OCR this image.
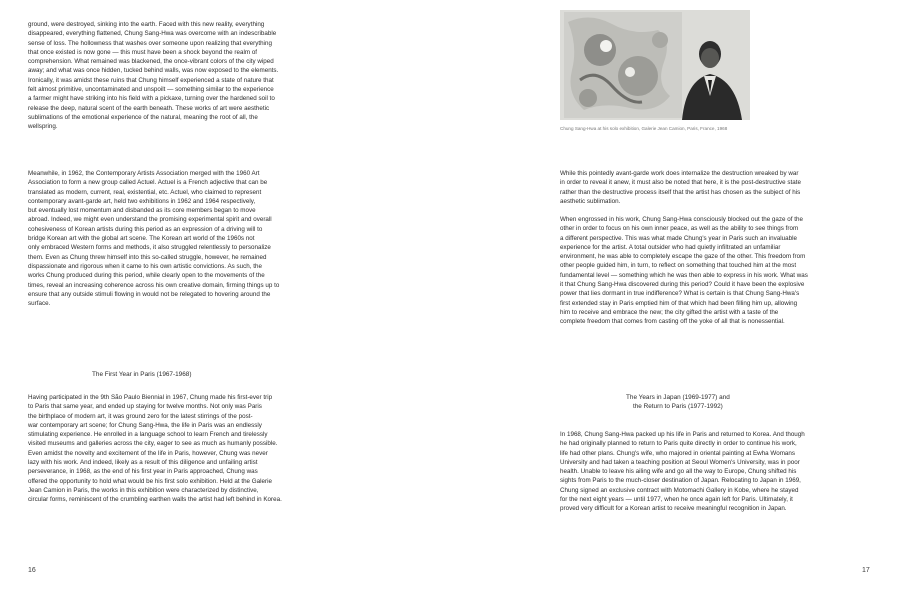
ground, were destroyed, sinking into the earth. Faced with this new reality, everything
disappeared, everything flattened, Chung Sang-Hwa was overcome with an indescribable
sense of loss. The hollowness that washes over someone upon realizing that everything
that once existed is now gone — this must have been a shock beyond the realm of
comprehension. What remained was blackened, the once-vibrant colors of the city wiped
away; and what was once hidden, tucked behind walls, was now exposed to the elements.
Ironically, it was amidst these ruins that Chung himself experienced a state of nature that
felt almost primitive, uncontaminated and unspoilt — something similar to the experience
a farmer might have striking into his field with a pickaxe, turning over the hardened soil to
release the deep, natural scent of the earth beneath. These works of art were aesthetic
sublimations of the emotional experience of the natural, meaning the root of all, the
wellspring.
Meanwhile, in 1962, the Contemporary Artists Association merged with the 1960 Art
Association to form a new group called Actuel. Actuel is a French adjective that can be
translated as modern, current, real, existential, etc. Actuel, who claimed to represent
contemporary avant-garde art, held two exhibitions in 1962 and 1964 respectively,
but eventually lost momentum and disbanded as its core members began to move
abroad. Indeed, we might even understand the promising experimental spirit and overall
cohesiveness of Korean artists during this period as an expression of a driving will to
bridge Korean art with the global art scene. The Korean art world of the 1960s not
only embraced Western forms and methods, it also struggled relentlessly to personalize
them. Even as Chung threw himself into this so-called struggle, however, he remained
dispassionate and rigorous when it came to his own artistic convictions. As such, the
works Chung produced during this period, while clearly open to the movements of the
times, reveal an increasing coherence across his own creative domain, firming things up to
ensure that any outside stimuli flowing in would not be relegated to hovering around the
surface.
The First Year in Paris (1967-1968)
Having participated in the 9th São Paulo Biennial in 1967, Chung made his first-ever trip
to Paris that same year, and ended up staying for twelve months. Not only was Paris
the birthplace of modern art, it was ground zero for the latest stirrings of the post-
war contemporary art scene; for Chung Sang-Hwa, the life in Paris was an endlessly
stimulating experience. He enrolled in a language school to learn French and tirelessly
visited museums and galleries across the city, eager to see as much as humanly possible.
Even amidst the novelty and excitement of the life in Paris, however, Chung was never
lazy with his work. And indeed, likely as a result of this diligence and unfailing artist
perseverance, in 1968, as the end of his first year in Paris approached, Chung was
offered the opportunity to hold what would be his first solo exhibition. Held at the Galerie
Jean Camion in Paris, the works in this exhibition were characterized by distinctive,
circular forms, reminiscent of the crumbling earthen walls the artist had left behind in Korea.
16
Chung Sang-Hwa at his solo exhibition, Galerie Jean Camion, Paris, France, 1968
While this pointedly avant-garde work does internalize the destruction wreaked by war
in order to reveal it anew, it must also be noted that here, it is the post-destructive state
rather than the destructive process itself that the artist has chosen as the subject of his
aesthetic sublimation.
When engrossed in his work, Chung Sang-Hwa consciously blocked out the gaze of the
other in order to focus on his own inner peace, as well as the ability to see things from
a different perspective. This was what made Chung's year in Paris such an invaluable
experience for the artist. A total outsider who had quietly infiltrated an unfamiliar
environment, he was able to completely escape the gaze of the other. This freedom from
other people guided him, in turn, to reflect on something that touched him at the most
fundamental level — something which he was then able to express in his work. What was
it that Chung Sang-Hwa discovered during this period? Could it have been the explosive
power that lies dormant in true indifference? What is certain is that Chung Sang-Hwa's
first extended stay in Paris emptied him of that which had been filling him up, allowing
him to receive and embrace the new; the city gifted the artist with a taste of the
complete freedom that comes from casting off the yoke of all that is nonessential.
The Years in Japan (1969-1977) and
the Return to Paris (1977-1992)
In 1968, Chung Sang-Hwa packed up his life in Paris and returned to Korea. And though
he had originally planned to return to Paris quite directly in order to continue his work,
life had other plans. Chung's wife, who majored in oriental painting at Ewha Womans
University and had taken a teaching position at Seoul Women's University, was in poor
health. Unable to leave his ailing wife and go all the way to Europe, Chung shifted his
sights from Paris to the much-closer destination of Japan. Relocating to Japan in 1969,
Chung signed an exclusive contract with Motomachi Gallery in Kobe, where he stayed
for the next eight years — until 1977, when he once again left for Paris. Ultimately, it
proved very difficult for a Korean artist to receive meaningful recognition in Japan.
17
